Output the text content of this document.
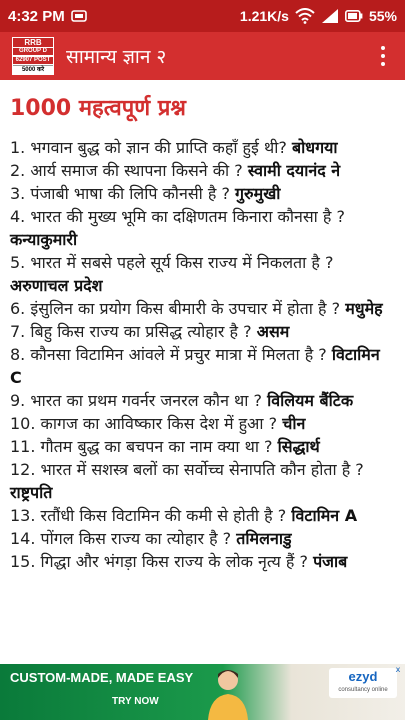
4:32 PM	1.21K/s	55%
RRB
GROUP D
62907 POST
5000 करे
सामान्य ज्ञान २
1000 महत्वपूर्ण प्रश्न
1. भगवान बुद्ध को ज्ञान की प्राप्ति कहाँ हुई थी? बोधगया
2. आर्य समाज की स्थापना किसने की ? स्वामी दयानंद ने
3. पंजाबी भाषा की लिपि कौनसी है ? गुरुमुखी
4. भारत की मुख्य भूमि का दक्षिणतम किनारा कौनसा है ? कन्याकुमारी
5. भारत में सबसे पहले सूर्य किस राज्य में निकलता है ? अरुणाचल प्रदेश
6. इंसुलिन का प्रयोग किस बीमारी के उपचार में होता है ? मधुमेह
7. बिहु किस राज्य का प्रसिद्ध त्योहार है ? असम
8. कौनसा विटामिन आंवले में प्रचुर मात्रा में मिलता है ? विटामिन C
9. भारत का प्रथम गवर्नर जनरल कौन था ? विलियम बैंटिक
10. कागज का आविष्कार किस देश में हुआ ? चीन
11. गौतम बुद्ध का बचपन का नाम क्या था ? सिद्धार्थ
12. भारत में सशस्त्र बलों का सर्वोच्च सेनापति कौन होता है ? राष्ट्रपति
13. रतौंधी किस विटामिन की कमी से होती है ? विटामिन A
14. पोंगल किस राज्य का त्योहार है ? तमिलनाडु
15. गिद्धा और भंगड़ा किस राज्य के लोक नृत्य हैं ? पंजाब
CUSTOM-MADE, MADE EASY
TRY NOW
ezyd
consultancy online
x
